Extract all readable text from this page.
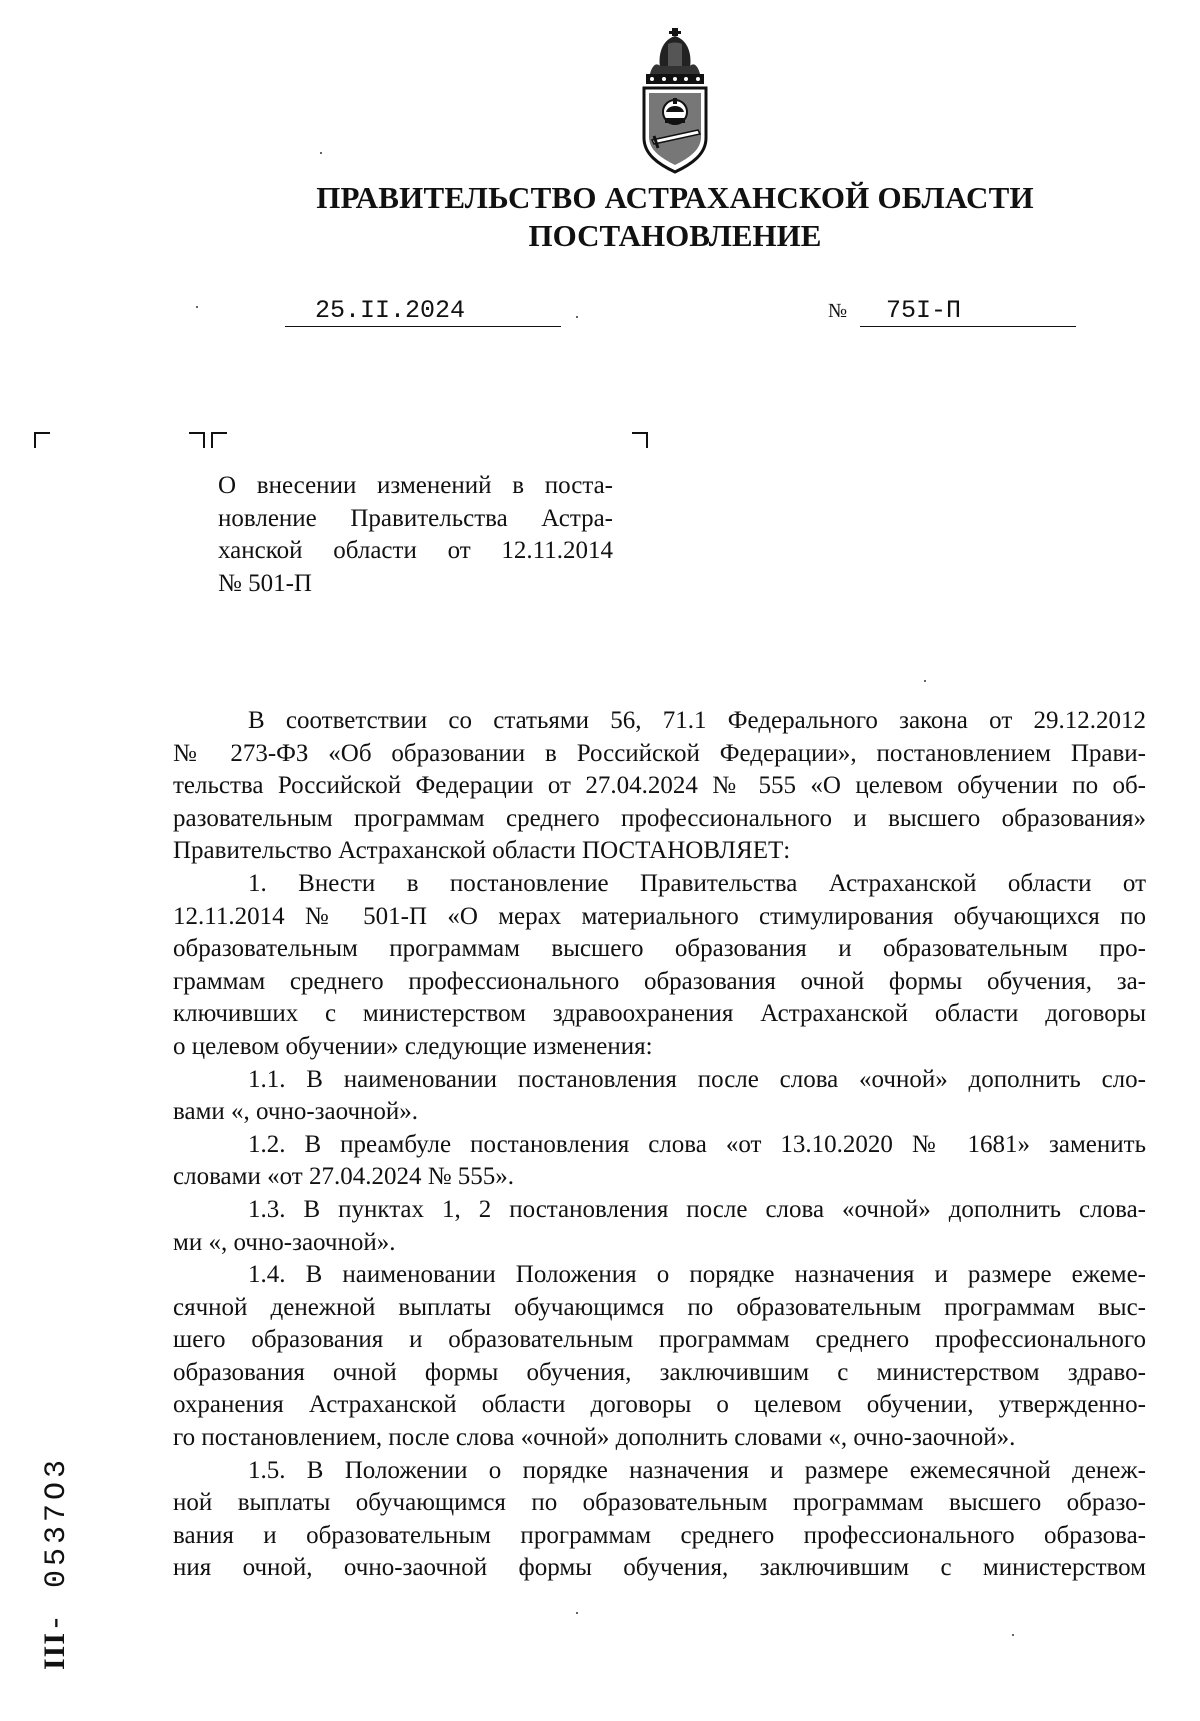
ПРАВИТЕЛЬСТВО АСТРАХАНСКОЙ ОБЛАСТИ
ПОСТАНОВЛЕНИЕ
25.II.2024	№ 75I-П
О внесении изменений в поста-
новление Правительства Астра-
ханской области от 12.11.2014
№ 501-П
В соответствии со статьями 56, 71.1 Федерального закона от 29.12.2012
№ 273-ФЗ «Об образовании в Российской Федерации», постановлением Прави-
тельства Российской Федерации от 27.04.2024 № 555 «О целевом обучении по об-
разовательным программам среднего профессионального и высшего образования»
Правительство Астраханской области ПОСТАНОВЛЯЕТ:
1. Внести в постановление Правительства Астраханской области от
12.11.2014 № 501-П «О мерах материального стимулирования обучающихся по
образовательным программам высшего образования и образовательным про-
граммам среднего профессионального образования очной формы обучения, за-
ключивших с министерством здравоохранения Астраханской области договоры
о целевом обучении» следующие изменения:
1.1. В наименовании постановления после слова «очной» дополнить сло-
вами «, очно-заочной».
1.2. В преамбуле постановления слова «от 13.10.2020 № 1681» заменить
словами «от 27.04.2024 № 555».
1.3. В пунктах 1, 2 постановления после слова «очной» дополнить слова-
ми «, очно-заочной».
1.4. В наименовании Положения о порядке назначения и размере ежеме-
сячной денежной выплаты обучающимся по образовательным программам выс-
шего образования и образовательным программам среднего профессионального
образования очной формы обучения, заключившим с министерством здраво-
охранения Астраханской области договоры о целевом обучении, утвержденно-
го постановлением, после слова «очной» дополнить словами «, очно-заочной».
1.5. В Положении о порядке назначения и размере ежемесячной денеж-
ной выплаты обучающимся по образовательным программам высшего образо-
вания и образовательным программам среднего профессионального образова-
ния очной, очно-заочной формы обучения, заключившим с министерством
III- 0537O3
